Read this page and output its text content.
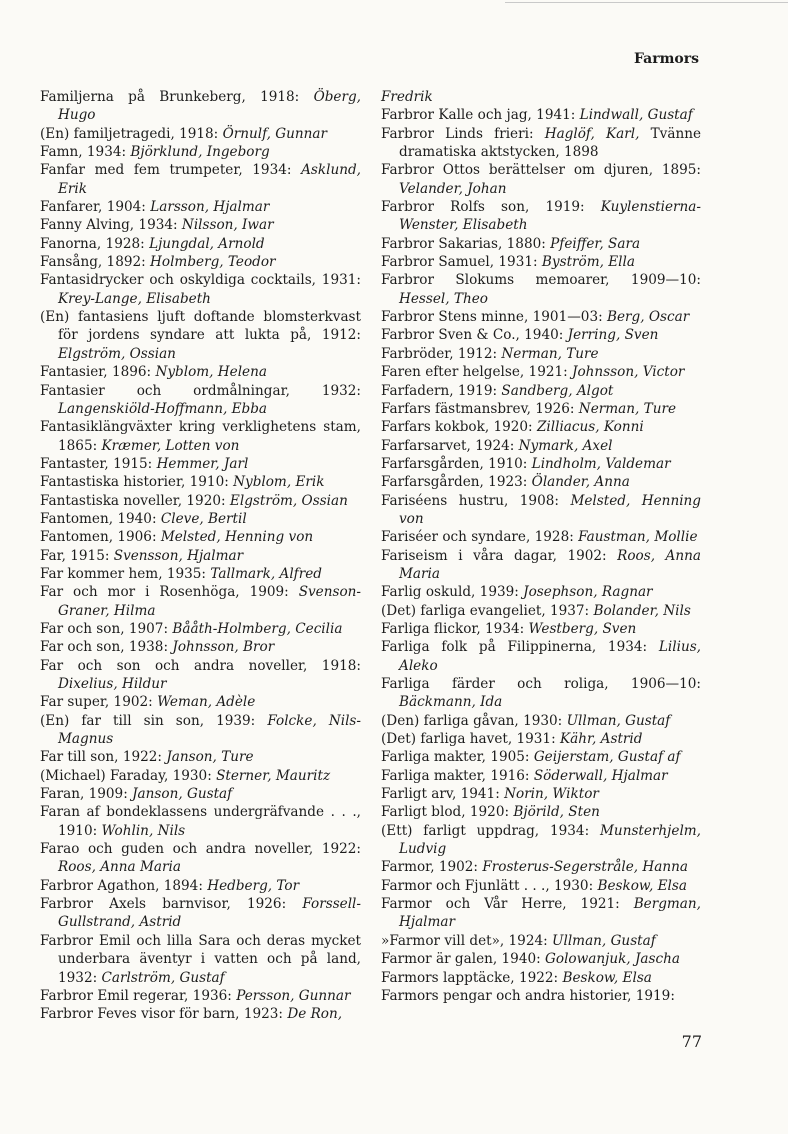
Farmors
Familjerna på Brunkeberg, 1918: Öberg, Hugo
(En) familjetragedi, 1918: Örnulf, Gunnar
Famn, 1934: Björklund, Ingeborg
Fanfar med fem trumpeter, 1934: Asklund, Erik
Fanfarer, 1904: Larsson, Hjalmar
Fanny Alving, 1934: Nilsson, Iwar
Fanorna, 1928: Ljungdal, Arnold
Fansång, 1892: Holmberg, Teodor
Fantasidrycker och oskyldiga cocktails, 1931: Krey-Lange, Elisabeth
(En) fantasiens ljuft doftande blomsterkvast för jordens syndare att lukta på, 1912: Elgström, Ossian
Fantasier, 1896: Nyblom, Helena
Fantasier och ordmålningar, 1932: Langenskiöld-Hoffmann, Ebba
Fantasiklängväxter kring verklighetens stam, 1865: Kræmer, Lotten von
Fantaster, 1915: Hemmer, Jarl
Fantastiska historier, 1910: Nyblom, Erik
Fantastiska noveller, 1920: Elgström, Ossian
Fantomen, 1940: Cleve, Bertil
Fantomen, 1906: Melsted, Henning von
Far, 1915: Svensson, Hjalmar
Far kommer hem, 1935: Tallmark, Alfred
Far och mor i Rosenhöga, 1909: Svenson-Graner, Hilma
Far och son, 1907: Bååth-Holmberg, Cecilia
Far och son, 1938: Johnsson, Bror
Far och son och andra noveller, 1918: Dixelius, Hildur
Far super, 1902: Weman, Adèle
(En) far till sin son, 1939: Folcke, Nils-Magnus
Far till son, 1922: Janson, Ture
(Michael) Faraday, 1930: Sterner, Mauritz
Faran, 1909: Janson, Gustaf
Faran af bondeklassens undergräfvande . . ., 1910: Wohlin, Nils
Farao och guden och andra noveller, 1922: Roos, Anna Maria
Farbror Agathon, 1894: Hedberg, Tor
Farbror Axels barnvisor, 1926: Forssell-Gullstrand, Astrid
Farbror Emil och lilla Sara och deras mycket underbara äventyr i vatten och på land, 1932: Carlström, Gustaf
Farbror Emil regerar, 1936: Persson, Gunnar
Farbror Feves visor för barn, 1923: De Ron,
Fredrik
Farbror Kalle och jag, 1941: Lindwall, Gustaf
Farbror Linds frieri: Haglöf, Karl, Tvänne dramatiska aktstycken, 1898
Farbror Ottos berättelser om djuren, 1895: Velander, Johan
Farbror Rolfs son, 1919: Kuylenstierna-Wenster, Elisabeth
Farbror Sakarias, 1880: Pfeiffer, Sara
Farbror Samuel, 1931: Byström, Ella
Farbror Slokums memoarer, 1909—10: Hessel, Theo
Farbror Stens minne, 1901—03: Berg, Oscar
Farbror Sven & Co., 1940: Jerring, Sven
Farbröder, 1912: Nerman, Ture
Faren efter helgelse, 1921: Johnsson, Victor
Farfadern, 1919: Sandberg, Algot
Farfars fästmansbrev, 1926: Nerman, Ture
Farfars kokbok, 1920: Zilliacus, Konni
Farfarsarvet, 1924: Nymark, Axel
Farfarsgården, 1910: Lindholm, Valdemar
Farfarsgården, 1923: Ölander, Anna
Fariséens hustru, 1908: Melsted, Henning von
Fariséer och syndare, 1928: Faustman, Mollie
Fariseism i våra dagar, 1902: Roos, Anna Maria
Farlig oskuld, 1939: Josephson, Ragnar
(Det) farliga evangeliet, 1937: Bolander, Nils
Farliga flickor, 1934: Westberg, Sven
Farliga folk på Filippinerna, 1934: Lilius, Aleko
Farliga färder och roliga, 1906—10: Bäckmann, Ida
(Den) farliga gåvan, 1930: Ullman, Gustaf
(Det) farliga havet, 1931: Kähr, Astrid
Farliga makter, 1905: Geijerstam, Gustaf af
Farliga makter, 1916: Söderwall, Hjalmar
Farligt arv, 1941: Norin, Wiktor
Farligt blod, 1920: Björild, Sten
(Ett) farligt uppdrag, 1934: Munsterhjelm, Ludvig
Farmor, 1902: Frosterus-Segerstråle, Hanna
Farmor och Fjunlätt . . ., 1930: Beskow, Elsa
Farmor och Vår Herre, 1921: Bergman, Hjalmar
»Farmor vill det», 1924: Ullman, Gustaf
Farmor är galen, 1940: Golowanjuk, Jascha
Farmors lapptäcke, 1922: Beskow, Elsa
Farmors pengar och andra historier, 1919:
77
